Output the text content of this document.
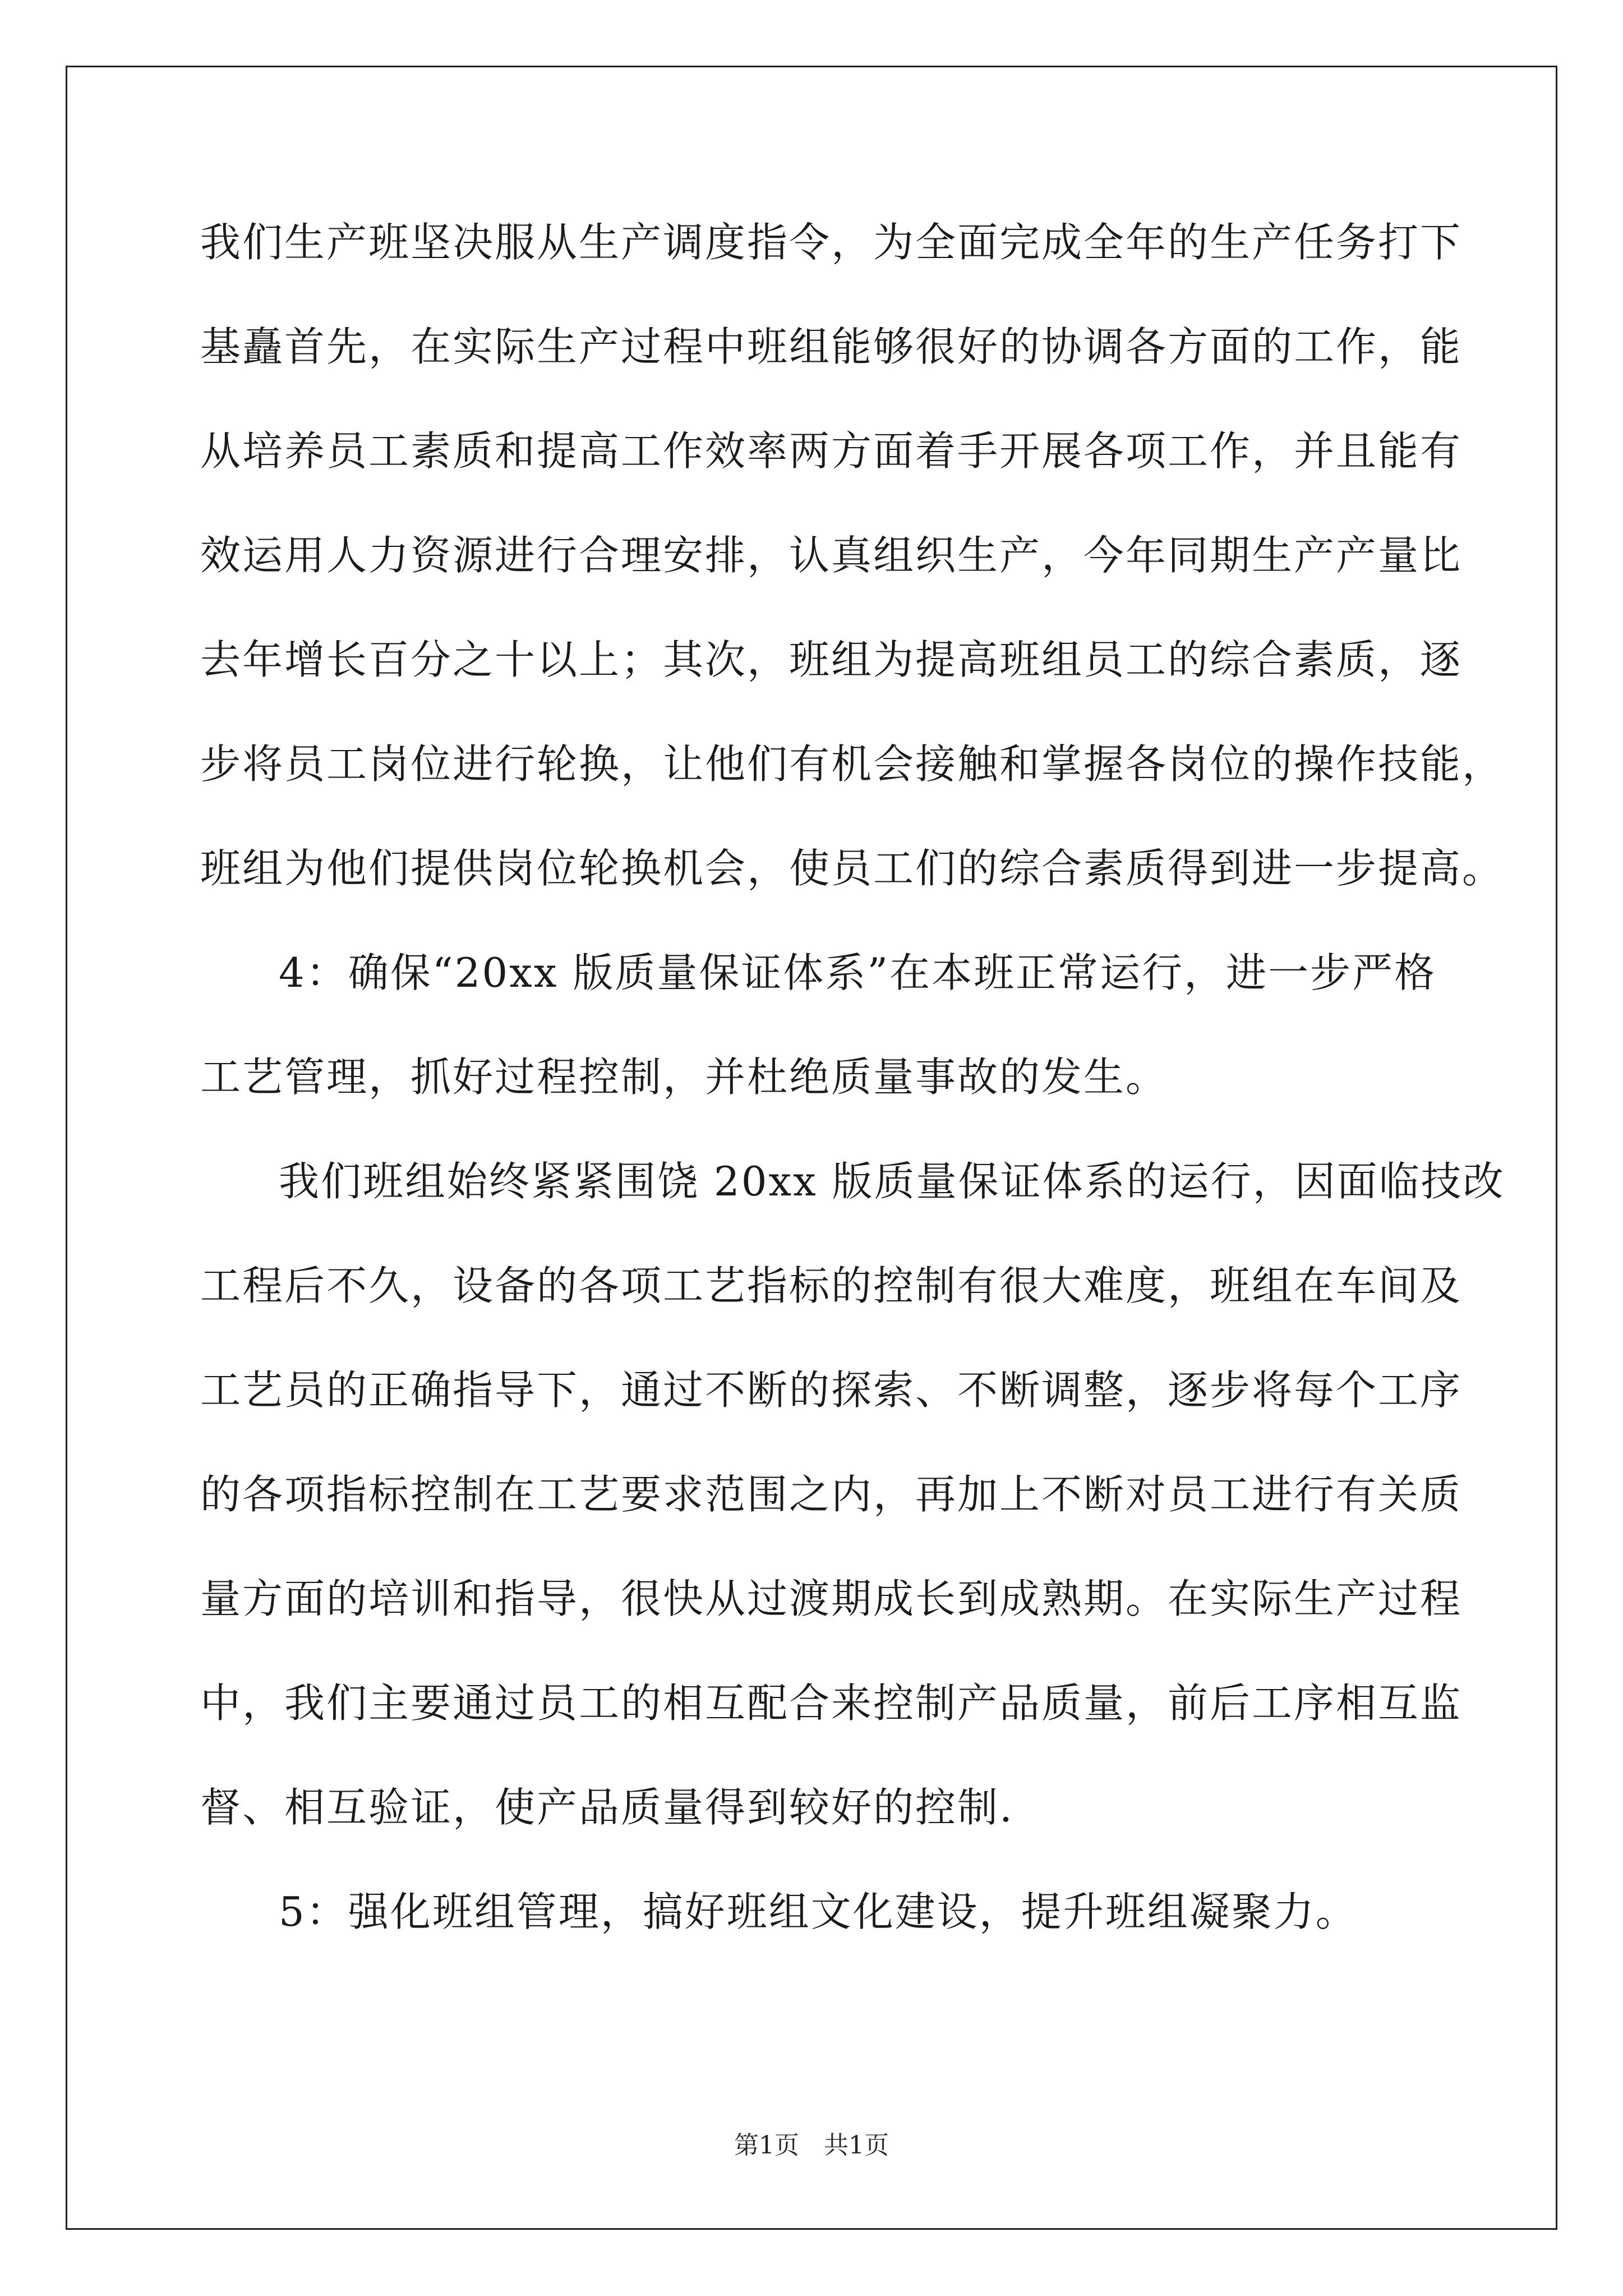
我们生产班坚决服从生产调度指令，为全面完成全年的生产任务打下
基矗首先，在实际生产过程中班组能够很好的协调各方面的工作，能
从培养员工素质和提高工作效率两方面着手开展各项工作，并且能有
效运用人力资源进行合理安排，认真组织生产，今年同期生产产量比
去年增长百分之十以上；其次，班组为提高班组员工的综合素质，逐
步将员工岗位进行轮换，让他们有机会接触和掌握各岗位的操作技能，
班组为他们提供岗位轮换机会，使员工们的综合素质得到进一步提高。
4：确保“20xx 版质量保证体系”在本班正常运行，进一步严格
工艺管理，抓好过程控制，并杜绝质量事故的发生。
我们班组始终紧紧围饶 20xx 版质量保证体系的运行，因面临技改
工程后不久，设备的各项工艺指标的控制有很大难度，班组在车间及
工艺员的正确指导下，通过不断的探索、不断调整，逐步将每个工序
的各项指标控制在工艺要求范围之内，再加上不断对员工进行有关质
量方面的培训和指导，很快从过渡期成长到成熟期。在实际生产过程
中，我们主要通过员工的相互配合来控制产品质量，前后工序相互监
督、相互验证，使产品质量得到较好的控制.
5：强化班组管理，搞好班组文化建设，提升班组凝聚力。
第1页 共1页
